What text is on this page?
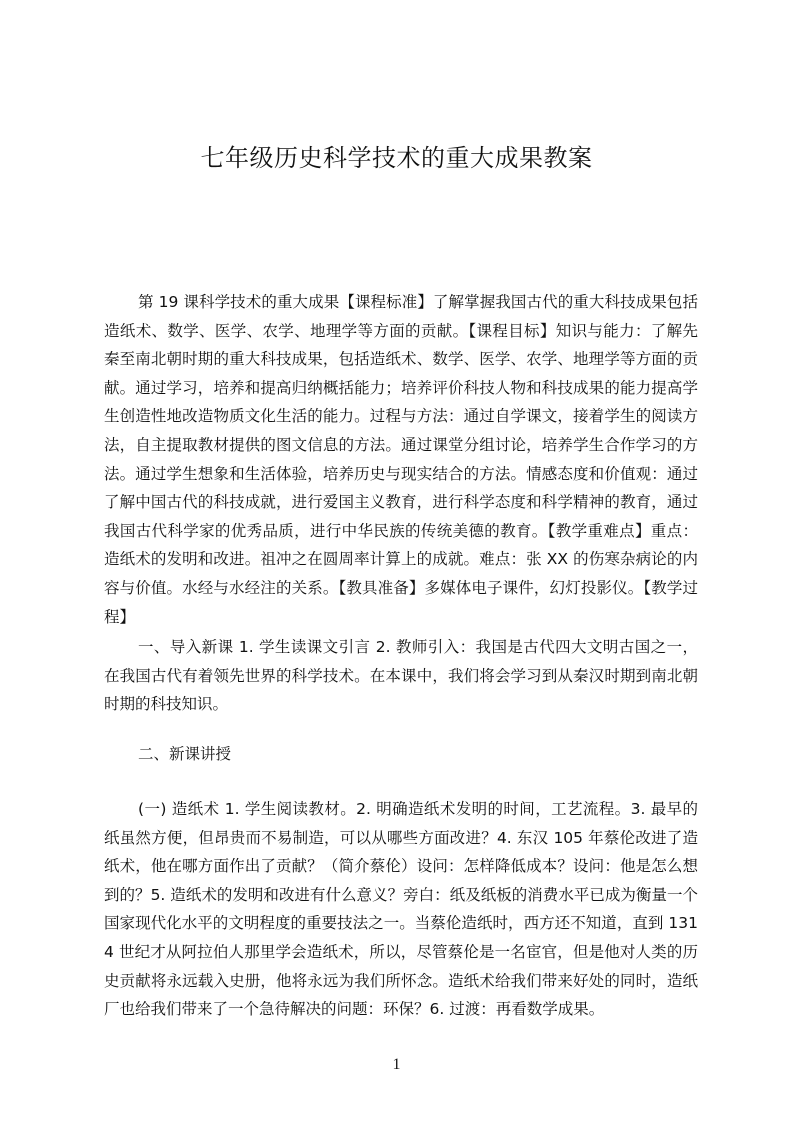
七年级历史科学技术的重大成果教案

第 19 课科学技术的重大成果【课程标准】了解掌握我国古代的重大科技成果包括造纸术、数学、医学、农学、地理学等方面的贡献。【课程目标】知识与能力：了解先秦至南北朝时期的重大科技成果，包括造纸术、数学、医学、农学、地理学等方面的贡献。通过学习，培养和提高归纳概括能力；培养评价科技人物和科技成果的能力提高学生创造性地改造物质文化生活的能力。过程与方法：通过自学课文，接着学生的阅读方法，自主提取教材提供的图文信息的方法。通过课堂分组讨论，培养学生合作学习的方法。通过学生想象和生活体验，培养历史与现实结合的方法。情感态度和价值观：通过了解中国古代的科技成就，进行爱国主义教育，进行科学态度和科学精神的教育，通过我国古代科学家的优秀品质，进行中华民族的传统美德的教育。【教学重难点】重点：造纸术的发明和改进。祖冲之在圆周率计算上的成就。难点：张 XX 的伤寒杂病论的内容与价值。水经与水经注的关系。【教具准备】多媒体电子课件，幻灯投影仪。【教学过程】

一、导入新课 1. 学生读课文引言 2. 教师引入：我国是古代四大文明古国之一，在我国古代有着领先世界的科学技术。在本课中，我们将会学习到从秦汉时期到南北朝时期的科技知识。

二、新课讲授

(一) 造纸术 1. 学生阅读教材。2. 明确造纸术发明的时间，工艺流程。3. 最早的纸虽然方便，但昂贵而不易制造，可以从哪些方面改进？4. 东汉 105 年蔡伦改进了造纸术，他在哪方面作出了贡献？（简介蔡伦）设问：怎样降低成本？设问：他是怎么想到的？5. 造纸术的发明和改进有什么意义？旁白：纸及纸板的消费水平已成为衡量一个国家现代化水平的文明程度的重要技法之一。当蔡伦造纸时，西方还不知道，直到 1314 世纪才从阿拉伯人那里学会造纸术，所以，尽管蔡伦是一名宦官，但是他对人类的历史贡献将永远载入史册，他将永远为我们所怀念。造纸术给我们带来好处的同时，造纸厂也给我们带来了一个急待解决的问题：环保？6. 过渡：再看数学成果。

1
